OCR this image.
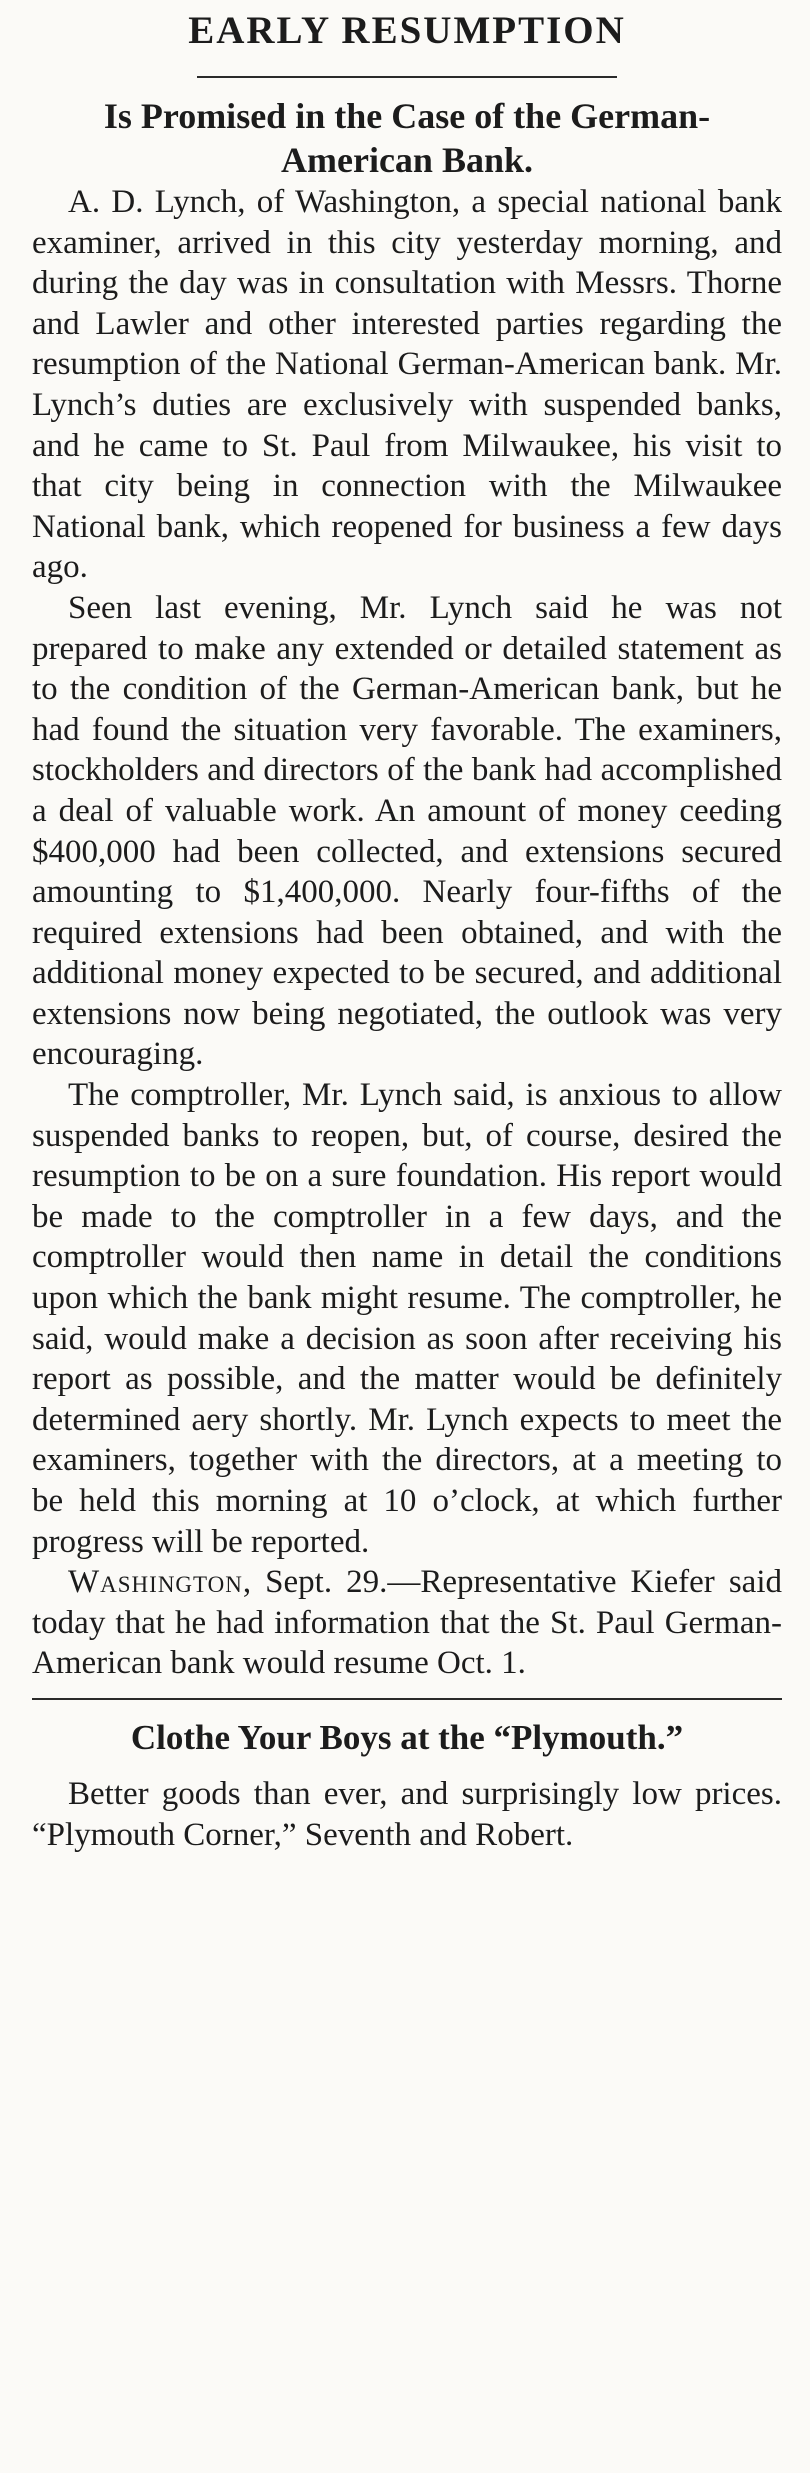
EARLY RESUMPTION
Is Promised in the Case of the German-American Bank.

A. D. Lynch, of Washington, a special national bank examiner, arrived in this city yesterday morning, and during the day was in consultation with Messrs. Thorne and Lawler and other interested parties regarding the resumption of the National German-American bank. Mr. Lynch’s duties are exclusively with suspended banks, and he came to St. Paul from Milwaukee, his visit to that city being in connection with the Milwaukee National bank, which reopened for business a few days ago.

Seen last evening, Mr. Lynch said he was not prepared to make any extended or detailed statement as to the condition of the German-American bank, but he had found the situation very favorable. The examiners, stockholders and directors of the bank had accomplished a deal of valuable work. An amount of money ceeding $400,000 had been collected, and extensions secured amounting to $1,400,000. Nearly four-fifths of the required extensions had been obtained, and with the additional money expected to be secured, and additional extensions now being negotiated, the outlook was very encouraging.

The comptroller, Mr. Lynch said, is anxious to allow suspended banks to reopen, but, of course, desired the resumption to be on a sure foundation. His report would be made to the comptroller in a few days, and the comptroller would then name in detail the conditions upon which the bank might resume. The comptroller, he said, would make a decision as soon after receiving his report as possible, and the matter would be definitely determined aery shortly. Mr. Lynch expects to meet the examiners, together with the directors, at a meeting to be held this morning at 10 o’clock, at which further progress will be reported.

Washington, Sept. 29.—Representative Kiefer said today that he had information that the St. Paul German-American bank would resume Oct. 1.

Clothe Your Boys at the “Plymouth.”

Better goods than ever, and surprisingly low prices. “Plymouth Corner,” Seventh and Robert.
